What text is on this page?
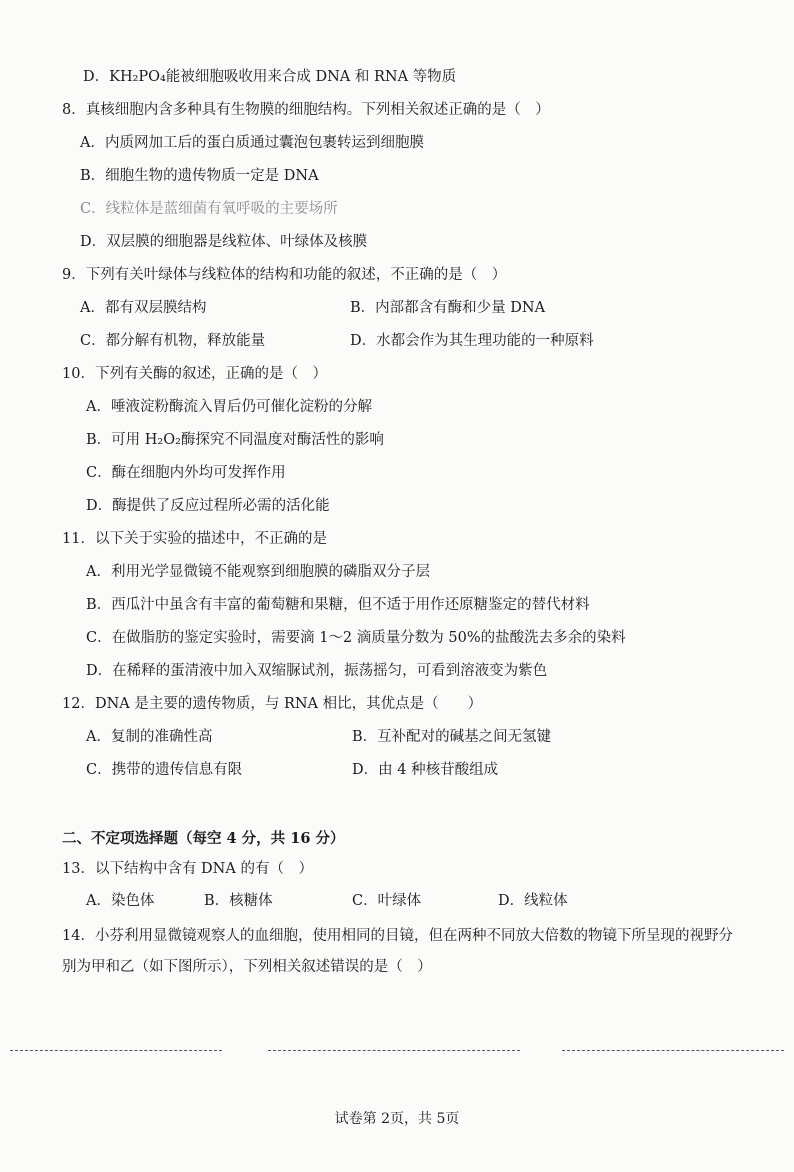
D．KH₂PO₄能被细胞吸收用来合成 DNA 和 RNA 等物质
8．真核细胞内含多种具有生物膜的细胞结构。下列相关叙述正确的是（　）
A．内质网加工后的蛋白质通过囊泡包裹转运到细胞膜
B．细胞生物的遗传物质一定是 DNA
C．线粒体是蓝细菌有氧呼吸的主要场所
D．双层膜的细胞器是线粒体、叶绿体及核膜
9．下列有关叶绿体与线粒体的结构和功能的叙述，不正确的是（　）
A．都有双层膜结构	B．内部都含有酶和少量 DNA
C．都分解有机物，释放能量	D．水都会作为其生理功能的一种原料
10．下列有关酶的叙述，正确的是（　）
A．唾液淀粉酶流入胃后仍可催化淀粉的分解
B．可用 H₂O₂酶探究不同温度对酶活性的影响
C．酶在细胞内外均可发挥作用
D．酶提供了反应过程所必需的活化能
11．以下关于实验的描述中，不正确的是
A．利用光学显微镜不能观察到细胞膜的磷脂双分子层
B．西瓜汁中虽含有丰富的葡萄糖和果糖，但不适于用作还原糖鉴定的替代材料
C．在做脂肪的鉴定实验时，需要滴 1～2 滴质量分数为 50%的盐酸洗去多余的染料
D．在稀释的蛋清液中加入双缩脲试剂，振荡摇匀，可看到溶液变为紫色
12．DNA 是主要的遗传物质，与 RNA 相比，其优点是（　　）
A．复制的准确性高	B．互补配对的碱基之间无氢键
C．携带的遗传信息有限	D．由 4 种核苷酸组成
二、不定项选择题（每空 4 分，共 16 分）
13．以下结构中含有 DNA 的有（　）
A．染色体	B．核糖体	C．叶绿体	D．线粒体
14．小芬利用显微镜观察人的血细胞，使用相同的目镜，但在两种不同放大倍数的物镜下所呈现的视野分
别为甲和乙（如下图所示），下列相关叙述错误的是（　）
试卷第 2页，共 5页
